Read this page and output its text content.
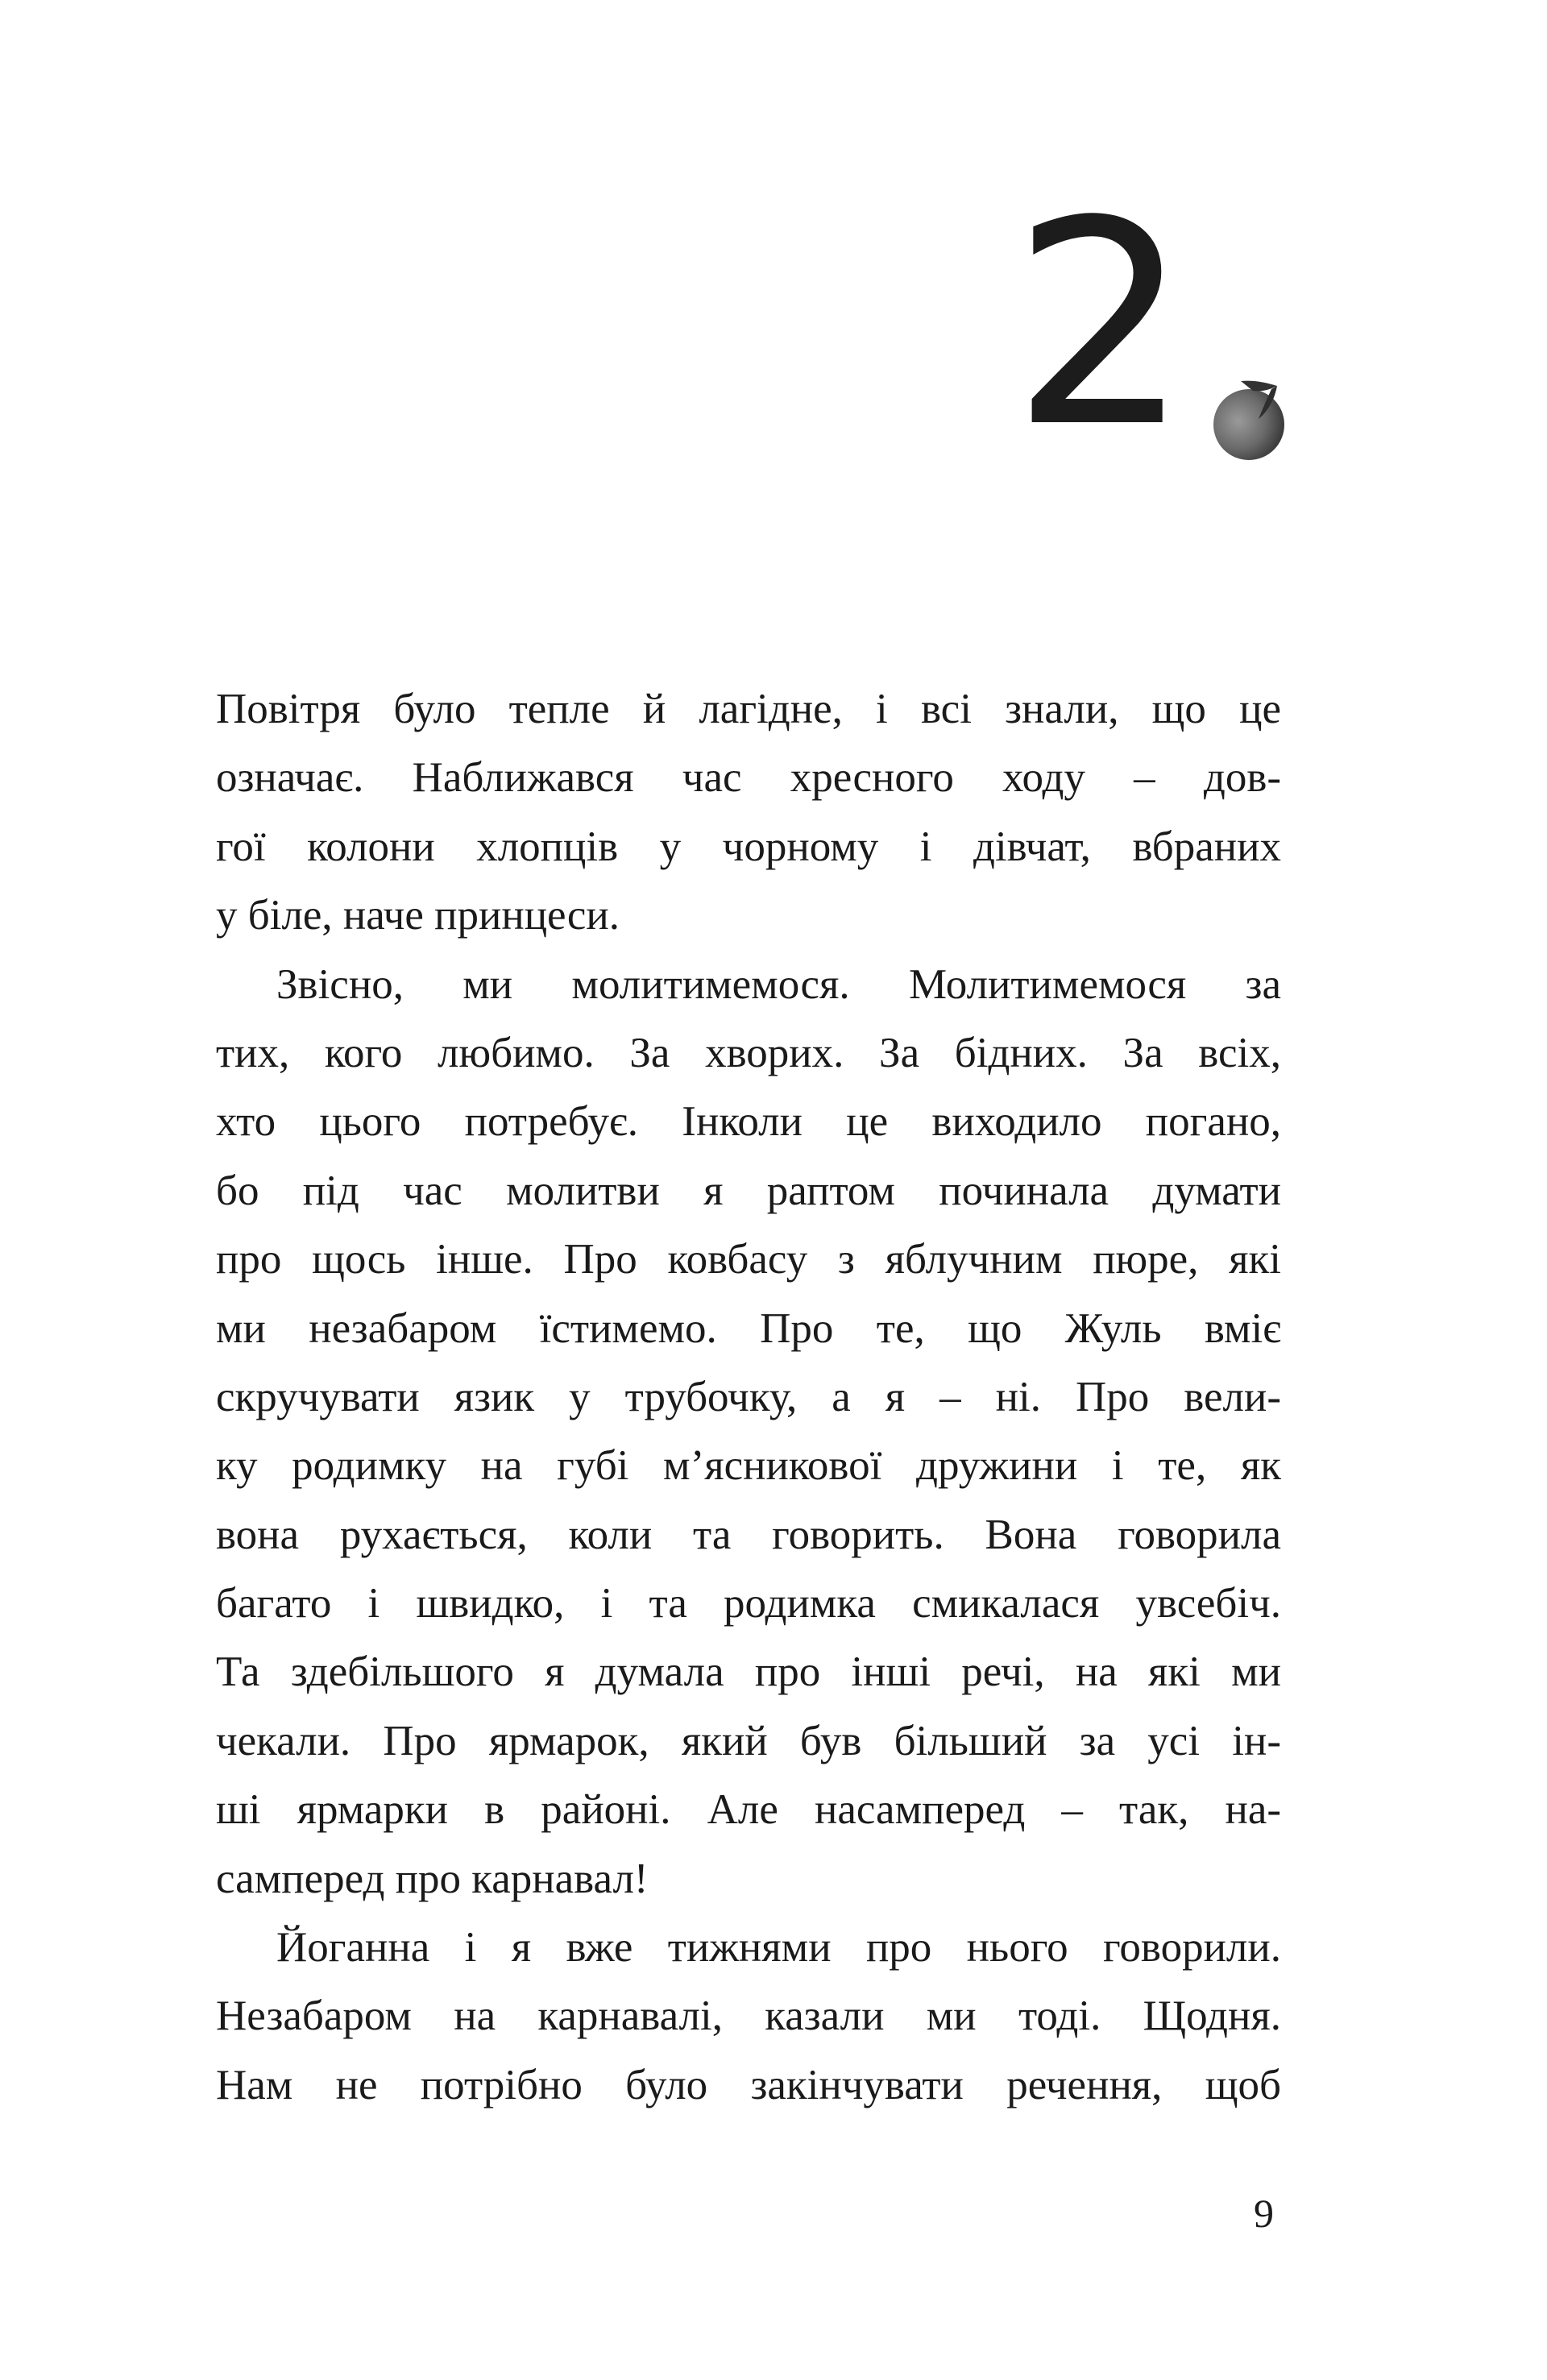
2
Повітря було тепле й лагідне, і всі знали, що це
означає. Наближався час хресного ходу – дов-
гої колони хлопців у чорному і дівчат, вбраних
у біле, наче принцеси.
Звісно, ми молитимемося. Молитимемося за
тих, кого любимо. За хворих. За бідних. За всіх,
хто цього потребує. Інколи це виходило погано,
бо під час молитви я раптом починала думати
про щось інше. Про ковбасу з яблучним пюре, які
ми незабаром їстимемо. Про те, що Жуль вміє
скручувати язик у трубочку, а я – ні. Про вели-
ку родимку на губі м’ясникової дружини і те, як
вона рухається, коли та говорить. Вона говорила
багато і швидко, і та родимка смикалася увсебіч.
Та здебільшого я думала про інші речі, на які ми
чекали. Про ярмарок, який був більший за усі ін-
ші ярмарки в районі. Але насамперед – так, на-
самперед про карнавал!
Йоганна і я вже тижнями про нього говорили.
Незабаром на карнавалі, казали ми тоді. Щодня.
Нам не потрібно було закінчувати речення, щоб
9
